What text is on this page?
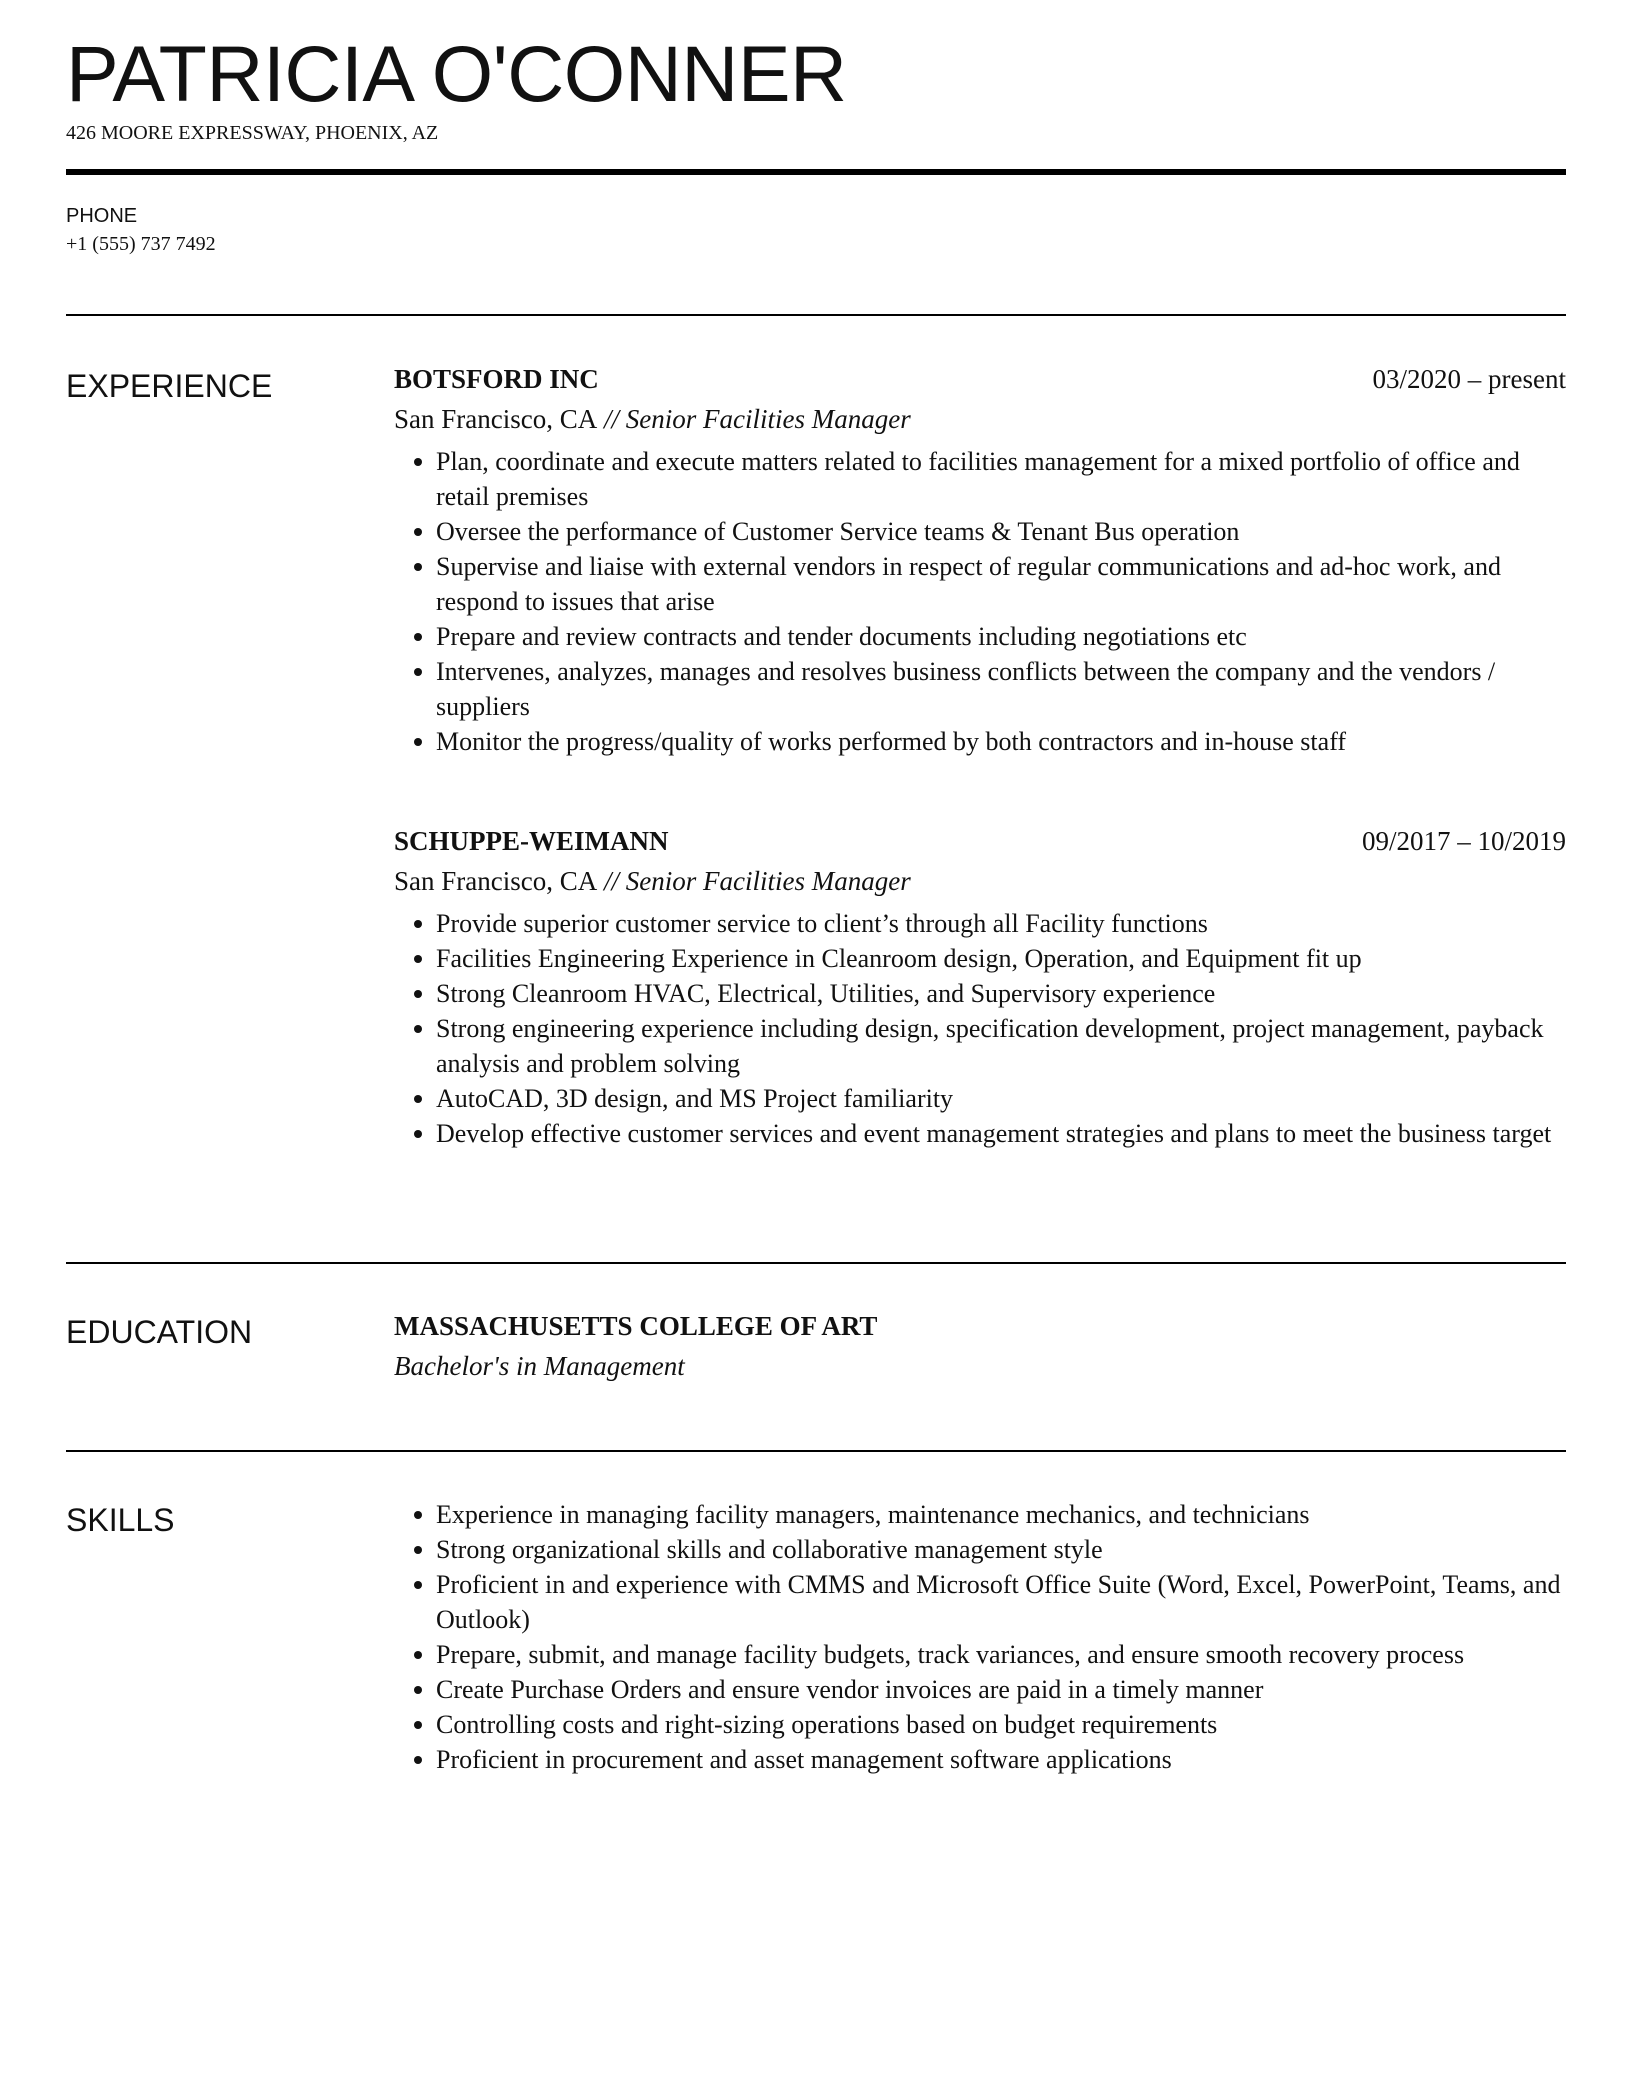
PATRICIA O'CONNER
426 MOORE EXPRESSWAY, PHOENIX, AZ
PHONE
+1 (555) 737 7492
EXPERIENCE	BOTSFORD INC	03/2020 – present
San Francisco, CA // Senior Facilities Manager
Plan, coordinate and execute matters related to facilities management for a mixed portfolio of office and retail premises
Oversee the performance of Customer Service teams & Tenant Bus operation
Supervise and liaise with external vendors in respect of regular communications and ad-hoc work, and respond to issues that arise
Prepare and review contracts and tender documents including negotiations etc
Intervenes, analyzes, manages and resolves business conflicts between the company and the vendors / suppliers
Monitor the progress/quality of works performed by both contractors and in-house staff
SCHUPPE-WEIMANN	09/2017 – 10/2019
San Francisco, CA // Senior Facilities Manager
Provide superior customer service to client’s through all Facility functions
Facilities Engineering Experience in Cleanroom design, Operation, and Equipment fit up
Strong Cleanroom HVAC, Electrical, Utilities, and Supervisory experience
Strong engineering experience including design, specification development, project management, payback analysis and problem solving
AutoCAD, 3D design, and MS Project familiarity
Develop effective customer services and event management strategies and plans to meet the business target
EDUCATION	MASSACHUSETTS COLLEGE OF ART
Bachelor's in Management
SKILLS	Experience in managing facility managers, maintenance mechanics, and technicians
Strong organizational skills and collaborative management style
Proficient in and experience with CMMS and Microsoft Office Suite (Word, Excel, PowerPoint, Teams, and Outlook)
Prepare, submit, and manage facility budgets, track variances, and ensure smooth recovery process
Create Purchase Orders and ensure vendor invoices are paid in a timely manner
Controlling costs and right-sizing operations based on budget requirements
Proficient in procurement and asset management software applications
